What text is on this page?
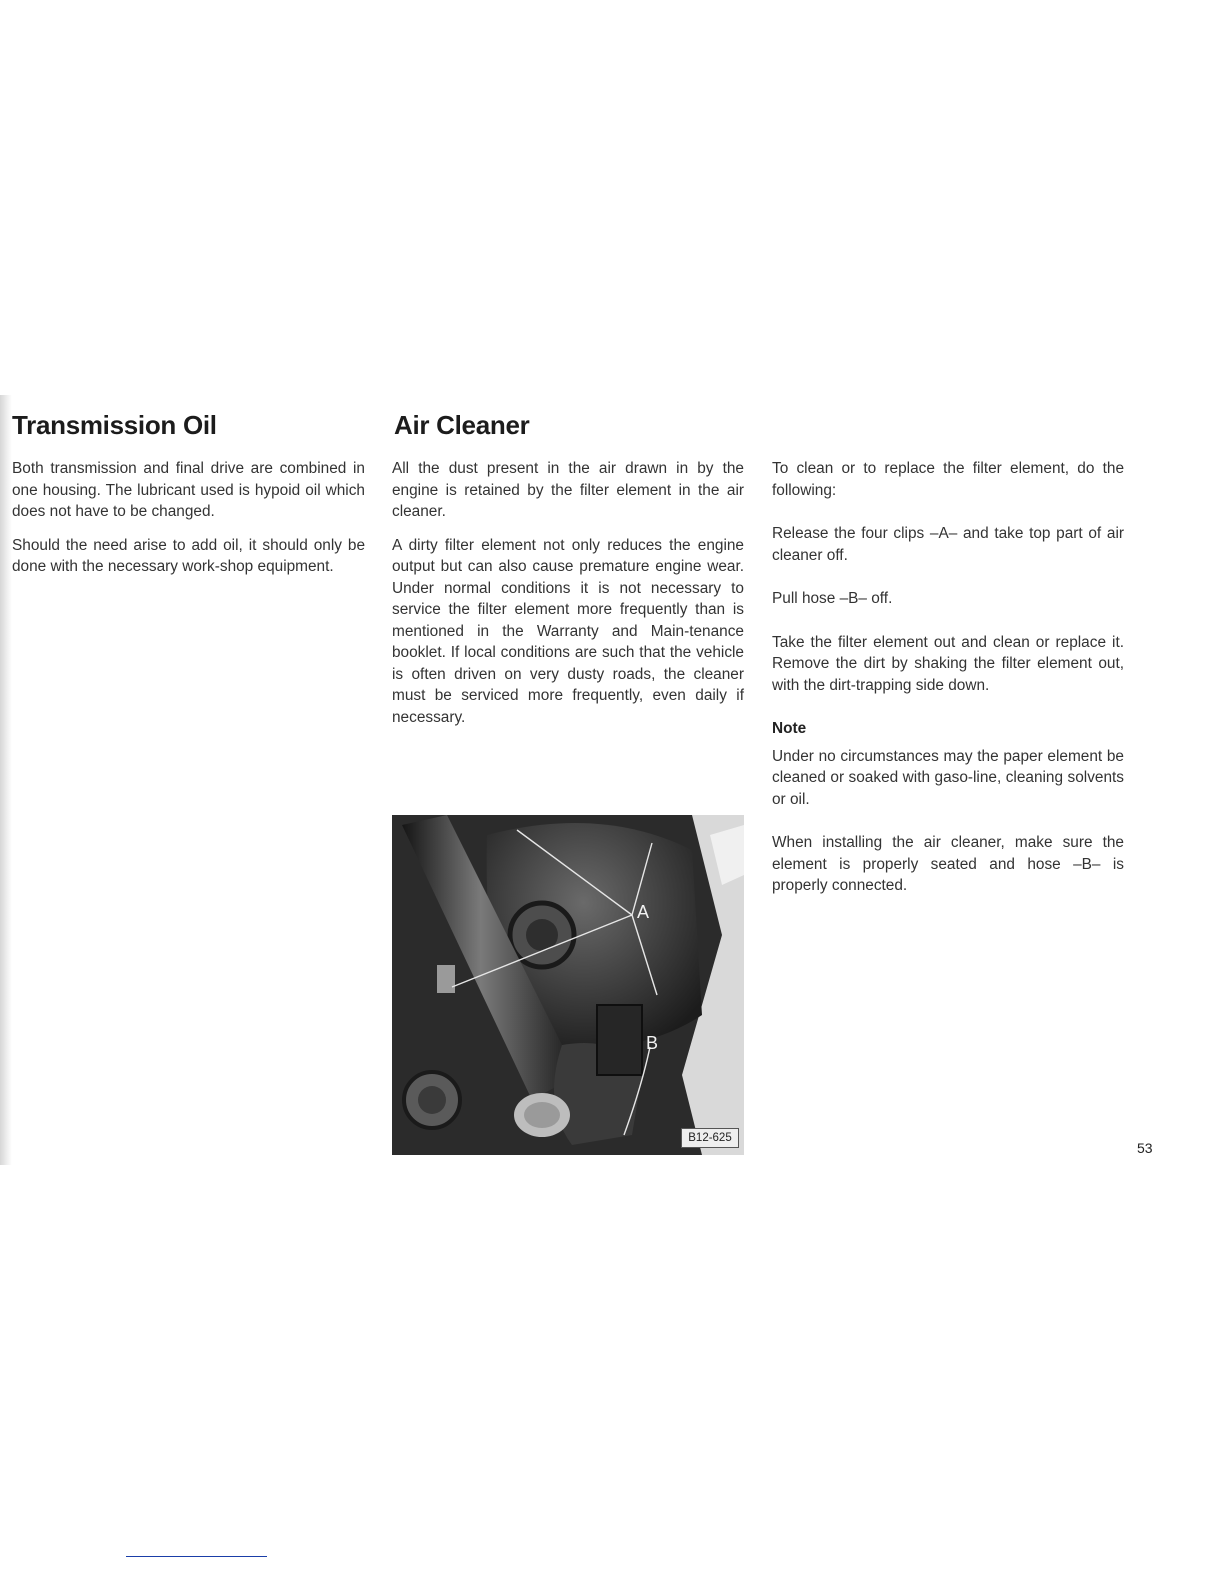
Transmission Oil

Both transmission and final drive are combined in one housing. The lubricant used is hypoid oil which does not have to be changed.

Should the need arise to add oil, it should only be done with the necessary work-shop equipment.

Air Cleaner

All the dust present in the air drawn in by the engine is retained by the filter element in the air cleaner.

A dirty filter element not only reduces the engine output but can also cause premature engine wear. Under normal conditions it is not necessary to service the filter element more frequently than is mentioned in the Warranty and Main-tenance booklet. If local conditions are such that the vehicle is often driven on very dusty roads, the cleaner must be serviced more frequently, even daily if necessary.

A
B
B12-625

To clean or to replace the filter element, do the following:

Release the four clips –A– and take top part of air cleaner off.

Pull hose –B– off.

Take the filter element out and clean or replace it. Remove the dirt by shaking the filter element out, with the dirt-trapping side down.

Note

Under no circumstances may the paper element be cleaned or soaked with gaso-line, cleaning solvents or oil.

When installing the air cleaner, make sure the element is properly seated and hose –B– is properly connected.

53
